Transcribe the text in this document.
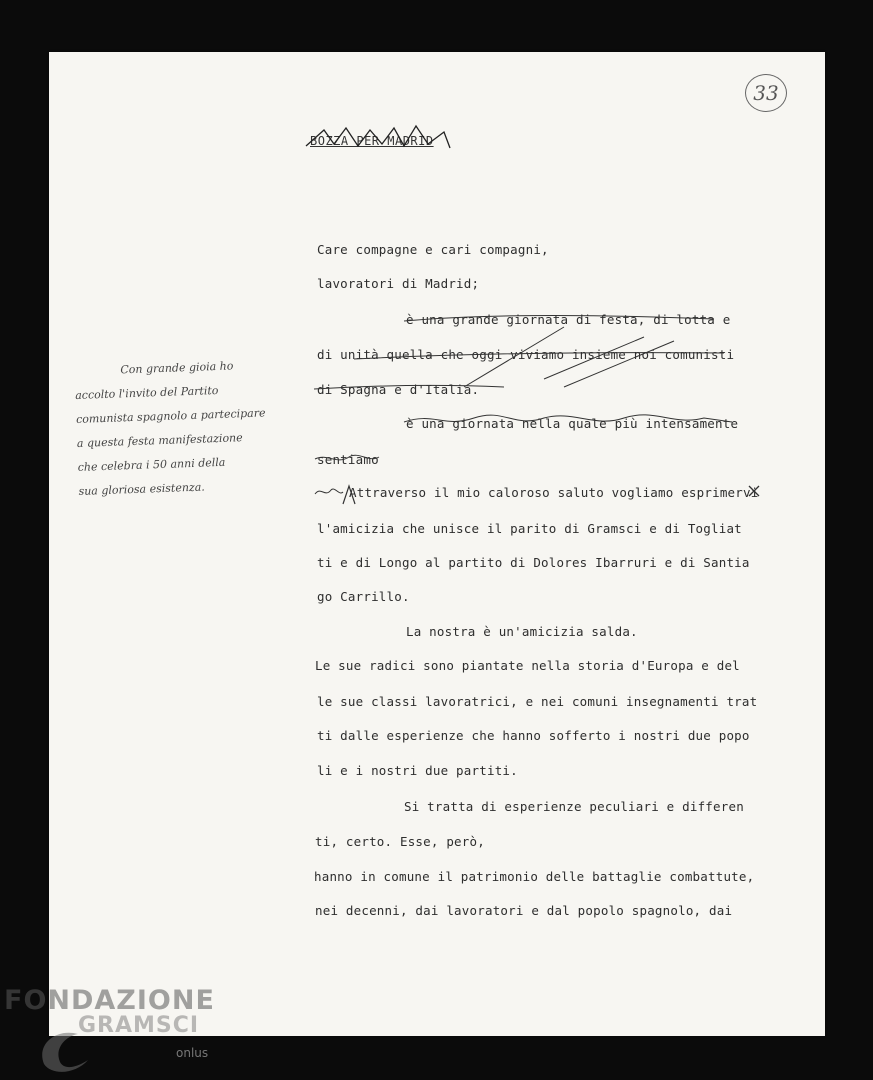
33
BOZZA PER MADRID
Care compagne e cari compagni,
lavoratori di Madrid;
è una grande giornata di festa, di lotta e
di unità quella che oggi viviamo insieme noi comunisti
di Spagna e d'Italia.
è una giornata nella quale più intensamente
sentiamo
Attraverso il mio caloroso saluto vogliamo esprimervi
l'amicizia che unisce il parito di Gramsci e di Togliat
ti e di Longo al partito di Dolores Ibarruri e di Santia
go Carrillo.
La nostra è un'amicizia salda.
Le sue radici sono piantate nella storia d'Europa e del
le sue classi lavoratrici, e nei comuni insegnamenti trat
ti dalle esperienze che hanno sofferto i nostri due popo
li e i nostri due partiti.
Si tratta di esperienze peculiari e differen
ti, certo. Esse, però,
hanno in comune il patrimonio delle battaglie combattute,
nei decenni, dai lavoratori e dal popolo spagnolo, dai
Con grande gioia ho
accolto l'invito del Partito
comunista spagnolo a partecipare
a questa festa manifestazione
che celebra i 50 anni della
sua gloriosa esistenza.
FONDAZIONE
GRAMSCI
onlus
